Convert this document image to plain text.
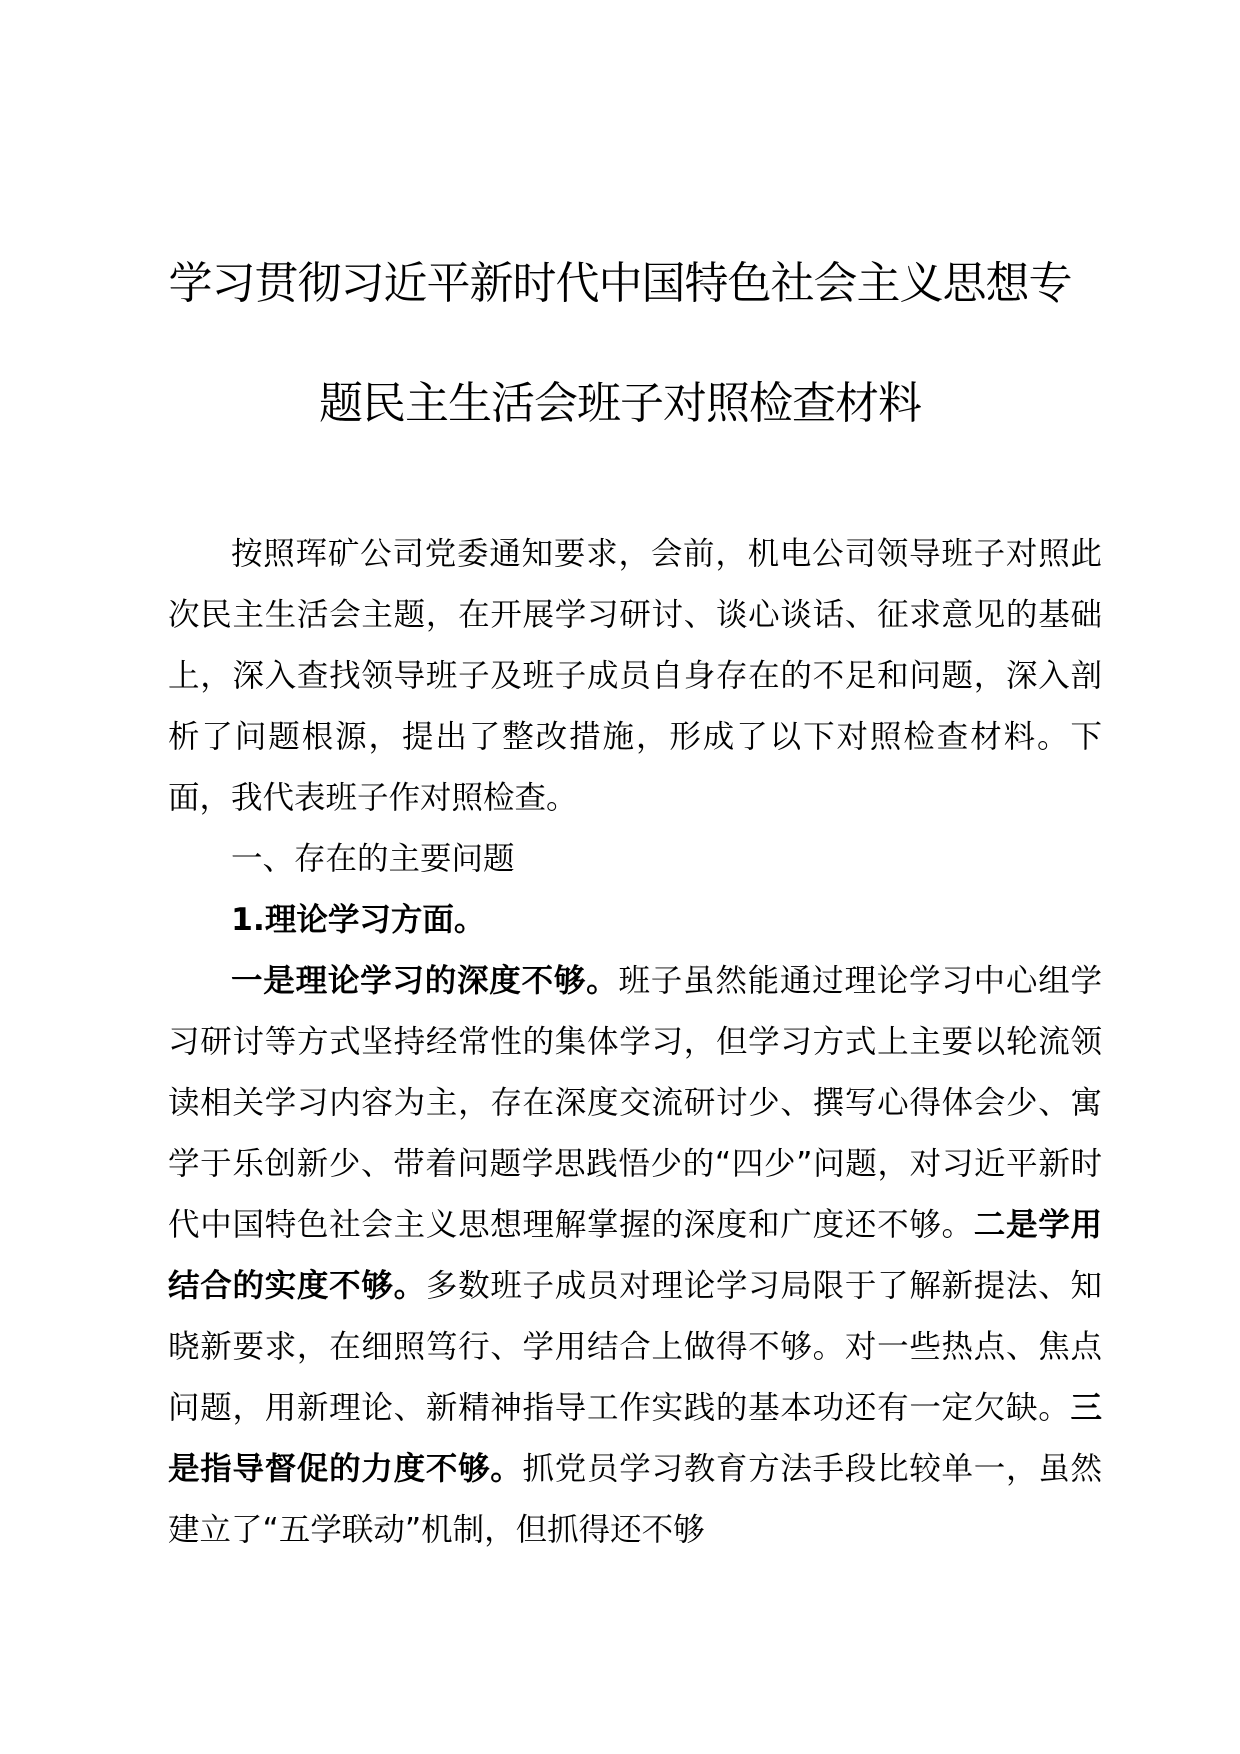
学习贯彻习近平新时代中国特色社会主义思想专
题民主生活会班子对照检查材料

按照珲矿公司党委通知要求，会前，机电公司领导班子对照此次民主生活会主题，在开展学习研讨、谈心谈话、征求意见的基础上，深入查找领导班子及班子成员自身存在的不足和问题，深入剖析了问题根源，提出了整改措施，形成了以下对照检查材料。下面，我代表班子作对照检查。

一、存在的主要问题

1.理论学习方面。

一是理论学习的深度不够。班子虽然能通过理论学习中心组学习研讨等方式坚持经常性的集体学习，但学习方式上主要以轮流领读相关学习内容为主，存在深度交流研讨少、撰写心得体会少、寓学于乐创新少、带着问题学思践悟少的“四少”问题，对习近平新时代中国特色社会主义思想理解掌握的深度和广度还不够。二是学用结合的实度不够。多数班子成员对理论学习局限于了解新提法、知晓新要求，在细照笃行、学用结合上做得不够。对一些热点、焦点问题，用新理论、新精神指导工作实践的基本功还有一定欠缺。三是指导督促的力度不够。抓党员学习教育方法手段比较单一，虽然建立了“五学联动”机制，但抓得还不够
